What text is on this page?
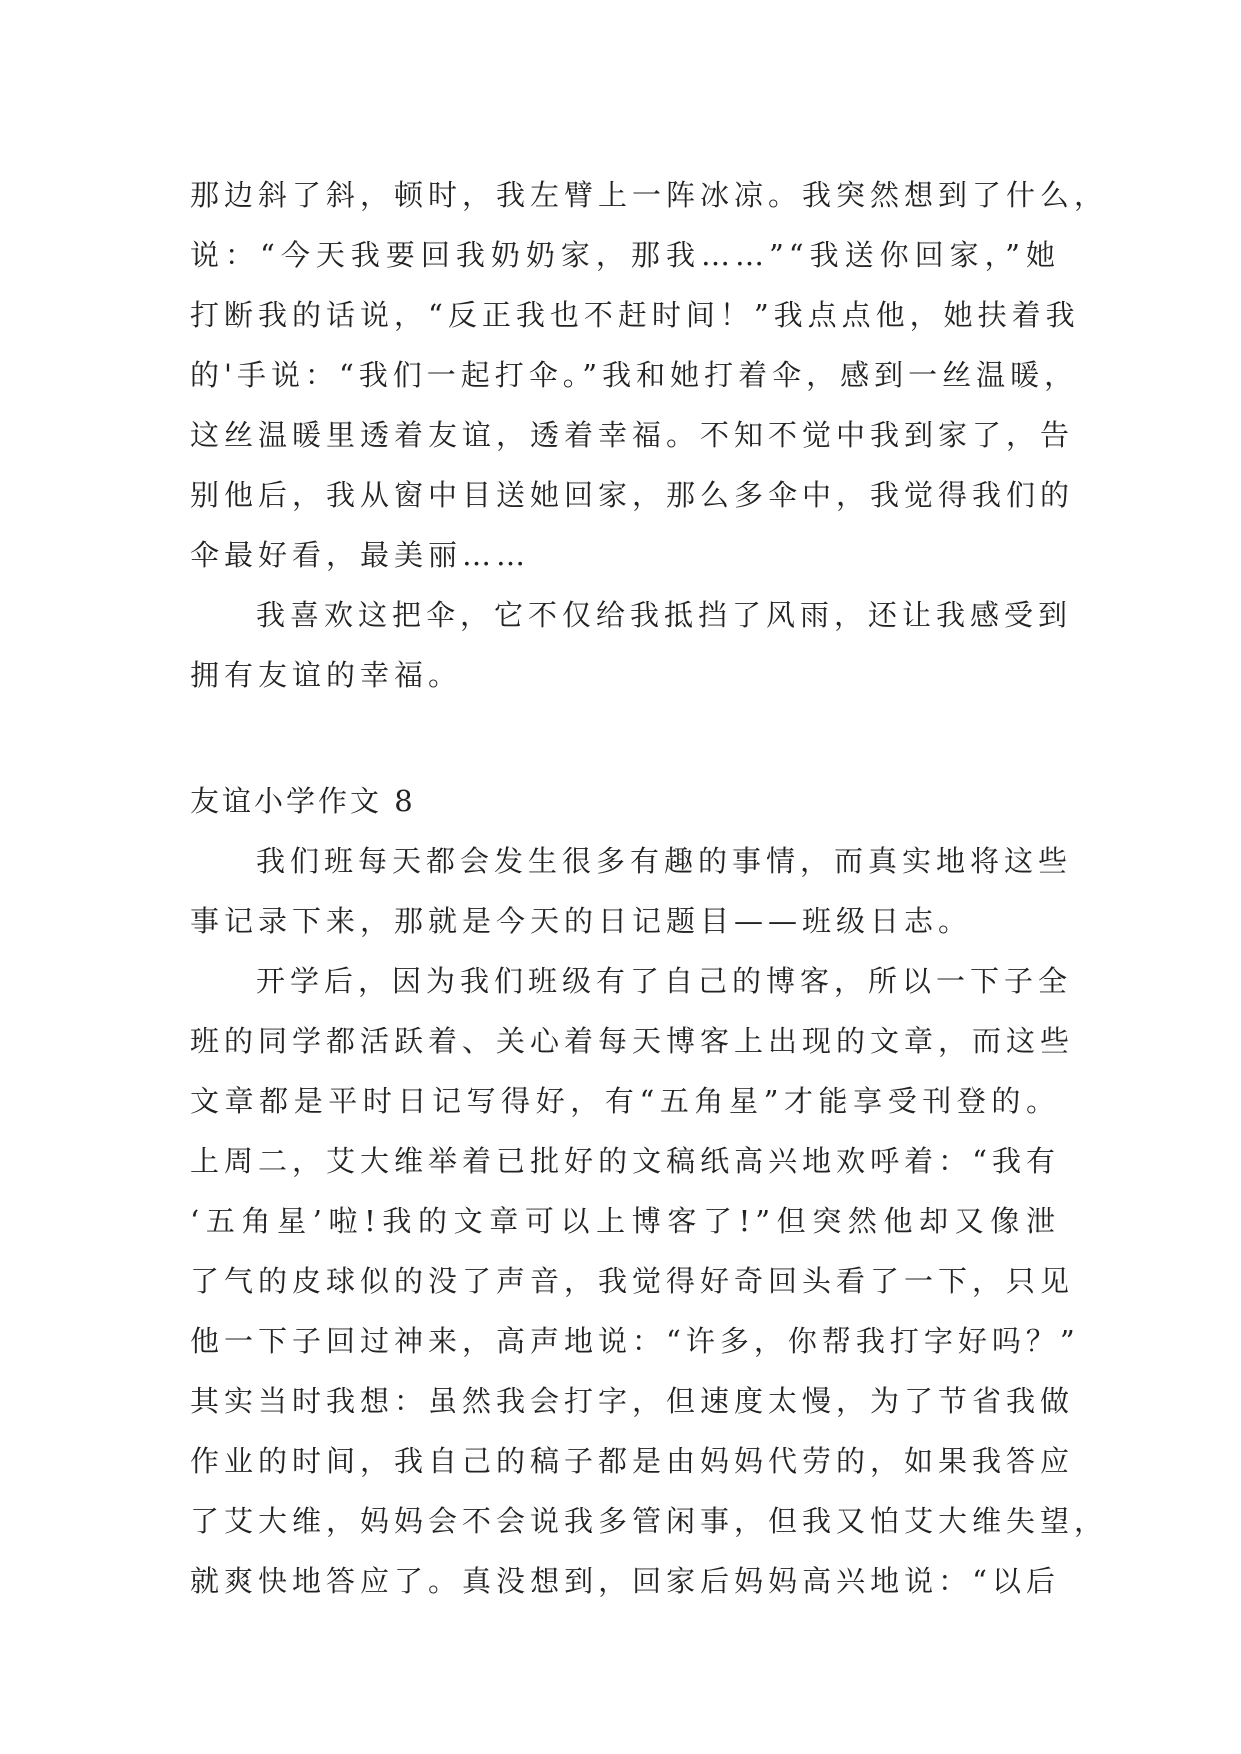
那边斜了斜，顿时，我左臂上一阵冰凉。我突然想到了什么，
说：“今天我要回我奶奶家，那我……”“我送你回家，”她
打断我的话说，“反正我也不赶时间！”我点点他，她扶着我
的'手说：“我们一起打伞。”我和她打着伞，感到一丝温暖，
这丝温暖里透着友谊，透着幸福。不知不觉中我到家了，告
别他后，我从窗中目送她回家，那么多伞中，我觉得我们的
伞最好看，最美丽……
我喜欢这把伞，它不仅给我抵挡了风雨，还让我感受到
拥有友谊的幸福。
友谊小学作文 8
我们班每天都会发生很多有趣的事情，而真实地将这些
事记录下来，那就是今天的日记题目——班级日志。
开学后，因为我们班级有了自己的博客，所以一下子全
班的同学都活跃着、关心着每天博客上出现的文章，而这些
文章都是平时日记写得好，有“五角星”才能享受刊登的。
上周二，艾大维举着已批好的文稿纸高兴地欢呼着：“我有
‘五角星’啦!我的文章可以上博客了!”但突然他却又像泄
了气的皮球似的没了声音，我觉得好奇回头看了一下，只见
他一下子回过神来，高声地说：“许多，你帮我打字好吗？”
其实当时我想：虽然我会打字，但速度太慢，为了节省我做
作业的时间，我自己的稿子都是由妈妈代劳的，如果我答应
了艾大维，妈妈会不会说我多管闲事，但我又怕艾大维失望，
就爽快地答应了。真没想到，回家后妈妈高兴地说：“以后
